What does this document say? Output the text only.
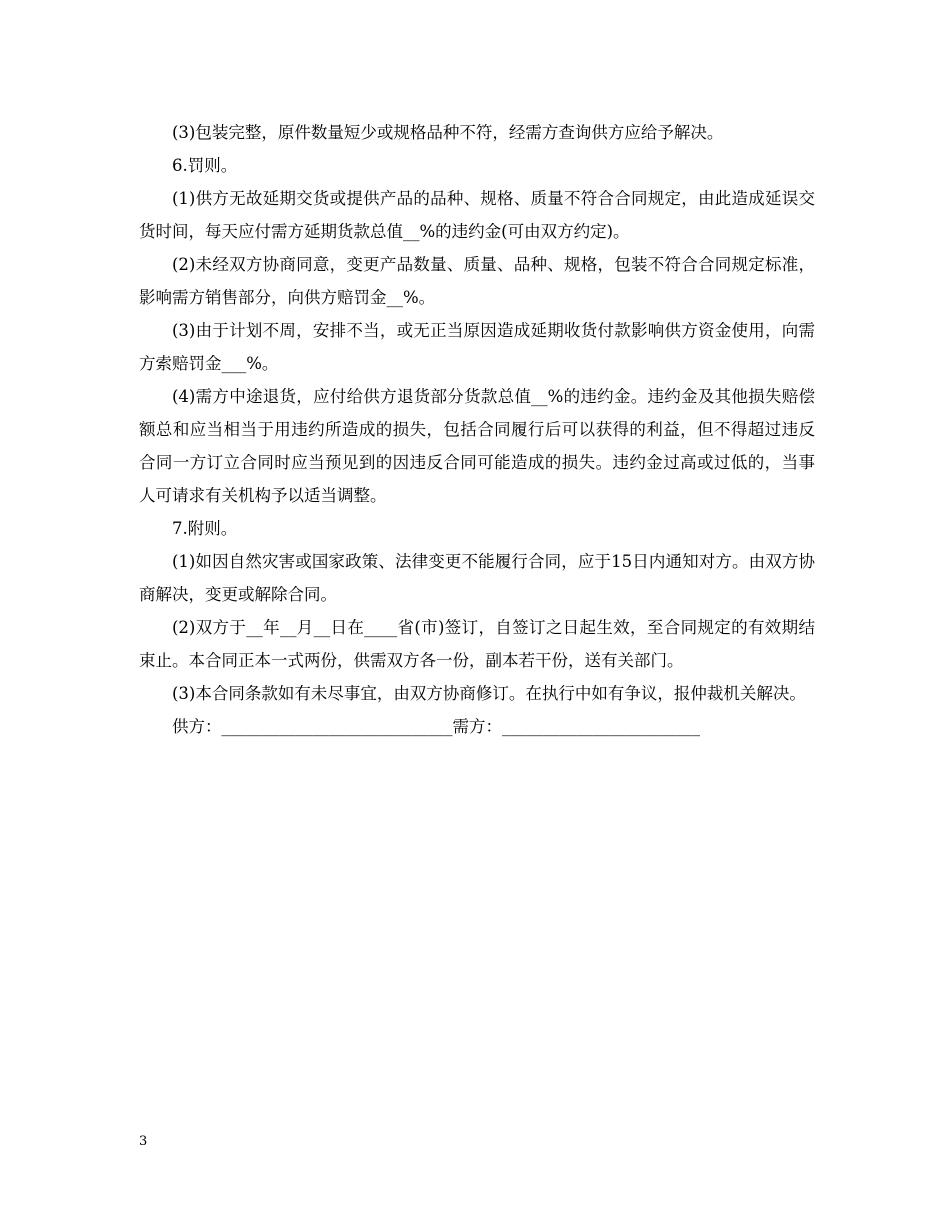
(3)包装完整，原件数量短少或规格品种不符，经需方查询供方应给予解决。

6.罚则。

(1)供方无故延期交货或提供产品的品种、规格、质量不符合合同规定，由此造成延误交货时间，每天应付需方延期货款总值__%的违约金(可由双方约定)。

(2)未经双方协商同意，变更产品数量、质量、品种、规格，包装不符合合同规定标准，影响需方销售部分，向供方赔罚金__%。

(3)由于计划不周，安排不当，或无正当原因造成延期收货付款影响供方资金使用，向需方索赔罚金___%。

(4)需方中途退货，应付给供方退货部分货款总值__%的违约金。违约金及其他损失赔偿额总和应当相当于用违约所造成的损失，包括合同履行后可以获得的利益，但不得超过违反合同一方订立合同时应当预见到的因违反合同可能造成的损失。违约金过高或过低的，当事人可请求有关机构予以适当调整。

7.附则。

(1)如因自然灾害或国家政策、法律变更不能履行合同，应于15日内通知对方。由双方协商解决，变更或解除合同。

(2)双方于__年__月__日在____省(市)签订，自签订之日起生效，至合同规定的有效期结束止。本合同正本一式两份，供需双方各一份，副本若干份，送有关部门。

(3)本合同条款如有未尽事宜，由双方协商修订。在执行中如有争议，报仲裁机关解决。

供方：____________________________需方：________________________

3
